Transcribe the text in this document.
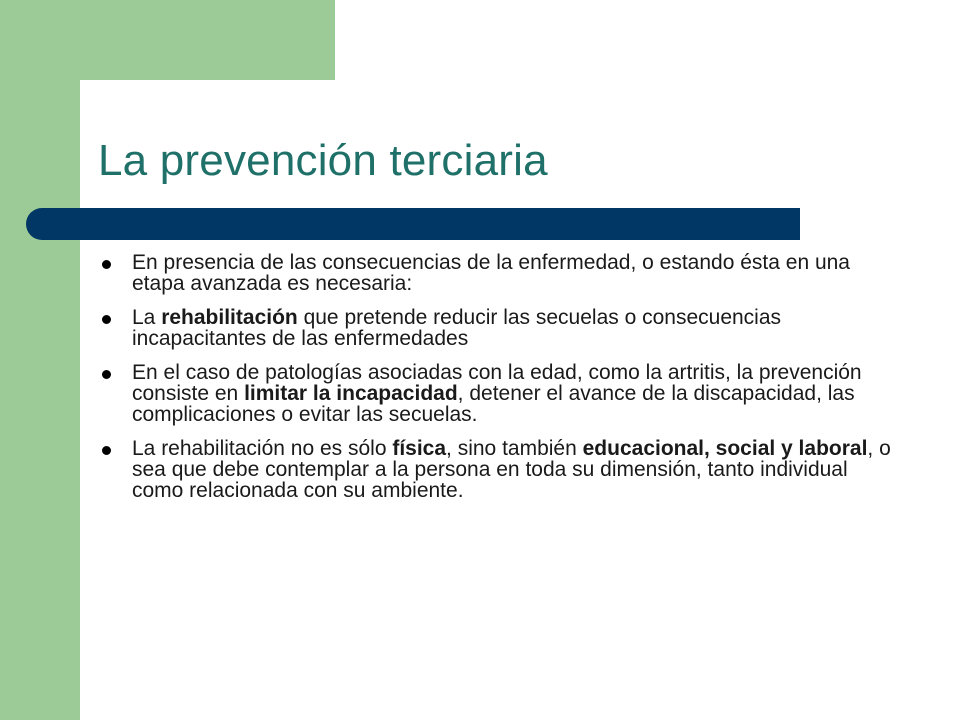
La prevención terciaria
En presencia de las consecuencias de la enfermedad, o estando ésta en una etapa avanzada es necesaria:
La rehabilitación que pretende reducir las secuelas o consecuencias incapacitantes de las enfermedades
En el caso de patologías asociadas con la edad, como la artritis, la prevención consiste en limitar la incapacidad, detener el avance de la discapacidad, las complicaciones o evitar las secuelas.
La rehabilitación no es sólo física, sino también educacional, social y laboral, o sea que debe contemplar a la persona en toda su dimensión, tanto individual como relacionada con su ambiente.
